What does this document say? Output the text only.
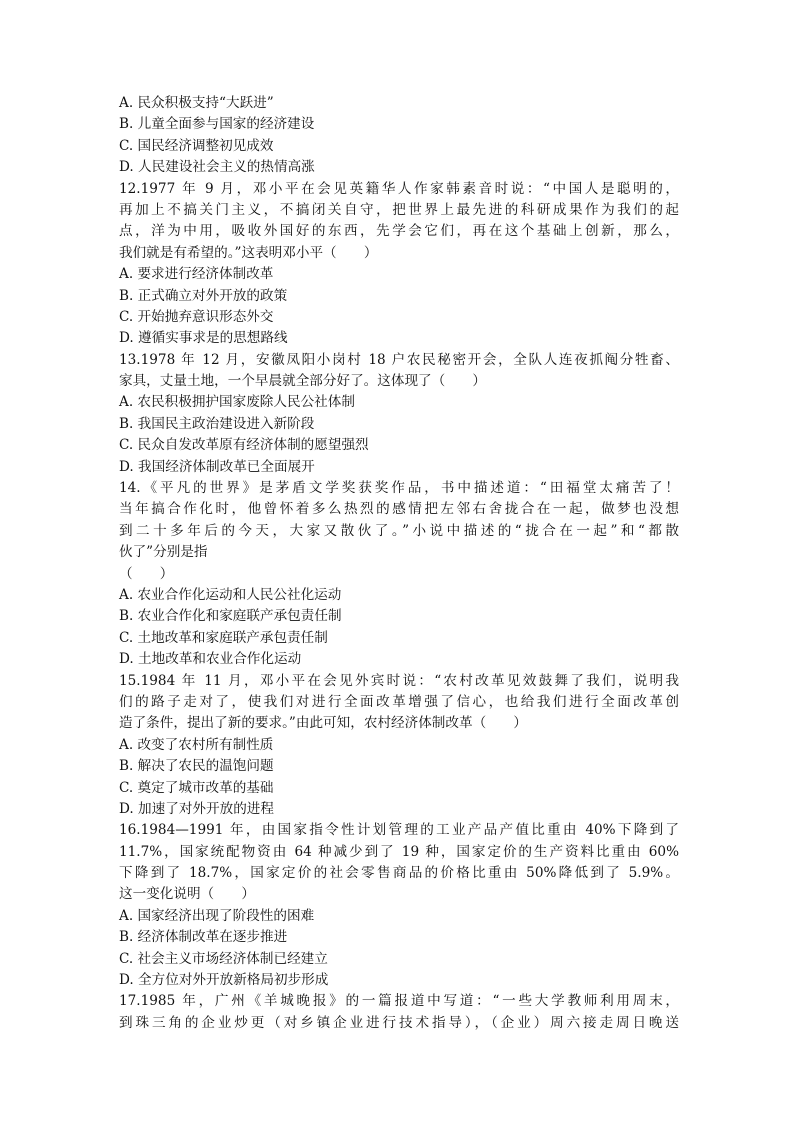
A. 民众积极支持“大跃进”
B. 儿童全面参与国家的经济建设
C. 国民经济调整初见成效
D. 人民建设社会主义的热情高涨
12.1977 年 9 月，邓小平在会见英籍华人作家韩素音时说：“中国人是聪明的，
再加上不搞关门主义，不搞闭关自守，把世界上最先进的科研成果作为我们的起
点，洋为中用，吸收外国好的东西，先学会它们，再在这个基础上创新，那么，
我们就是有希望的。”这表明邓小平（　　）
A. 要求进行经济体制改革
B. 正式确立对外开放的政策
C. 开始抛弃意识形态外交
D. 遵循实事求是的思想路线
13.1978 年 12 月，安徽凤阳小岗村 18 户农民秘密开会，全队人连夜抓阄分牲畜、
家具，丈量土地，一个早晨就全部分好了。这体现了（　　）
A. 农民积极拥护国家废除人民公社体制
B. 我国民主政治建设进入新阶段
C. 民众自发改革原有经济体制的愿望强烈
D. 我国经济体制改革已全面展开
14.《平凡的世界》是茅盾文学奖获奖作品，书中描述道：“田福堂太痛苦了！
当年搞合作化时，他曾怀着多么热烈的感情把左邻右舍拢合在一起，做梦也没想
到二十多年后的今天，大家又散伙了。”小说中描述的“拢合在一起”和“都散
伙了”分别是指
（　　）
A. 农业合作化运动和人民公社化运动
B. 农业合作化和家庭联产承包责任制
C. 土地改革和家庭联产承包责任制
D. 土地改革和农业合作化运动
15.1984 年 11 月，邓小平在会见外宾时说：“农村改革见效鼓舞了我们，说明我
们的路子走对了，使我们对进行全面改革增强了信心，也给我们进行全面改革创
造了条件，提出了新的要求。”由此可知，农村经济体制改革（　　）
A. 改变了农村所有制性质
B. 解决了农民的温饱问题
C. 奠定了城市改革的基础
D. 加速了对外开放的进程
16.1984—1991 年，由国家指令性计划管理的工业产品产值比重由 40%下降到了
11.7%，国家统配物资由 64 种减少到了 19 种，国家定价的生产资料比重由 60%
下降到了 18.7%，国家定价的社会零售商品的价格比重由 50%降低到了 5.9%。
这一变化说明（　　）
A. 国家经济出现了阶段性的困难
B. 经济体制改革在逐步推进
C. 社会主义市场经济体制已经建立
D. 全方位对外开放新格局初步形成
17.1985 年，广州《羊城晚报》的一篇报道中写道：“一些大学教师利用周末，
到珠三角的企业炒更（对乡镇企业进行技术指导），（企业）周六接走周日晚送
